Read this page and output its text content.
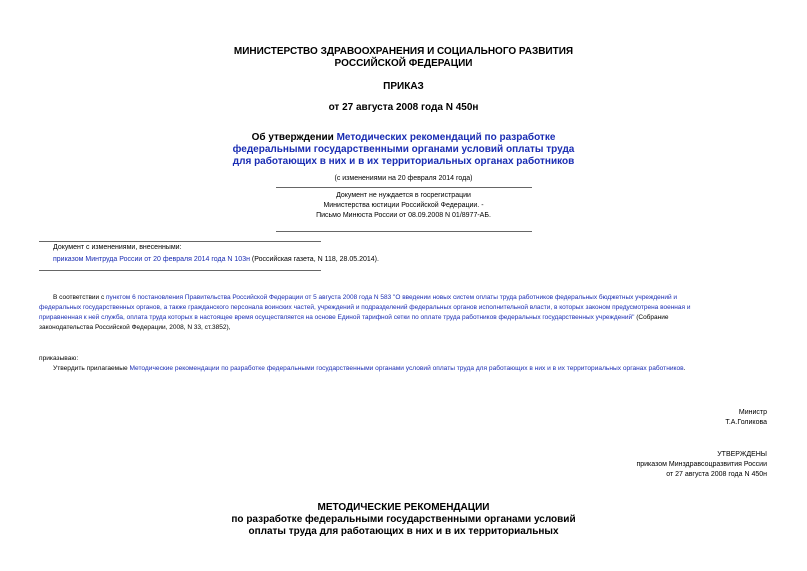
МИНИСТЕРСТВО ЗДРАВООХРАНЕНИЯ И СОЦИАЛЬНОГО РАЗВИТИЯ
РОССИЙСКОЙ ФЕДЕРАЦИИ
ПРИКАЗ
от 27 августа 2008 года N 450н
Об утверждении Методических рекомендаций по разработке
федеральными государственными органами условий оплаты труда
для работающих в них и в их территориальных органах работников
(с изменениями на 20 февраля 2014 года)
Документ не нуждается в госрегистрации
Министерства юстиции Российской Федерации. -
Письмо Минюста России от 08.09.2008 N 01/8977-АБ.
Документ с изменениями, внесенными:
приказом Минтруда России от 20 февраля 2014 года N 103н (Российская газета, N 118, 28.05.2014).
В соответствии с пунктом 6 постановления Правительства Российской Федерации от 5 августа 2008 года N 583 "О введении новых систем оплаты труда работников федеральных бюджетных учреждений и
федеральных государственных органов, а также гражданского персонала воинских частей, учреждений и подразделений федеральных органов исполнительной власти, в которых законом предусмотрена военная и
приравненная к ней служба, оплата труда которых в настоящее время осуществляется на основе Единой тарифной сетки по оплате труда работников федеральных государственных учреждений" (Собрание
законодательства Российской Федерации, 2008, N 33, ст.3852),
приказываю:
Утвердить прилагаемые Методические рекомендации по разработке федеральными государственными органами условий оплаты труда для работающих в них и в их территориальных органах работников.
Министр
Т.А.Голикова
УТВЕРЖДЕНЫ
приказом Минздравсоцразвития России
от 27 августа 2008 года N 450н
МЕТОДИЧЕСКИЕ РЕКОМЕНДАЦИИ
по разработке федеральными государственными органами условий
оплаты труда для работающих в них и в их территориальных
